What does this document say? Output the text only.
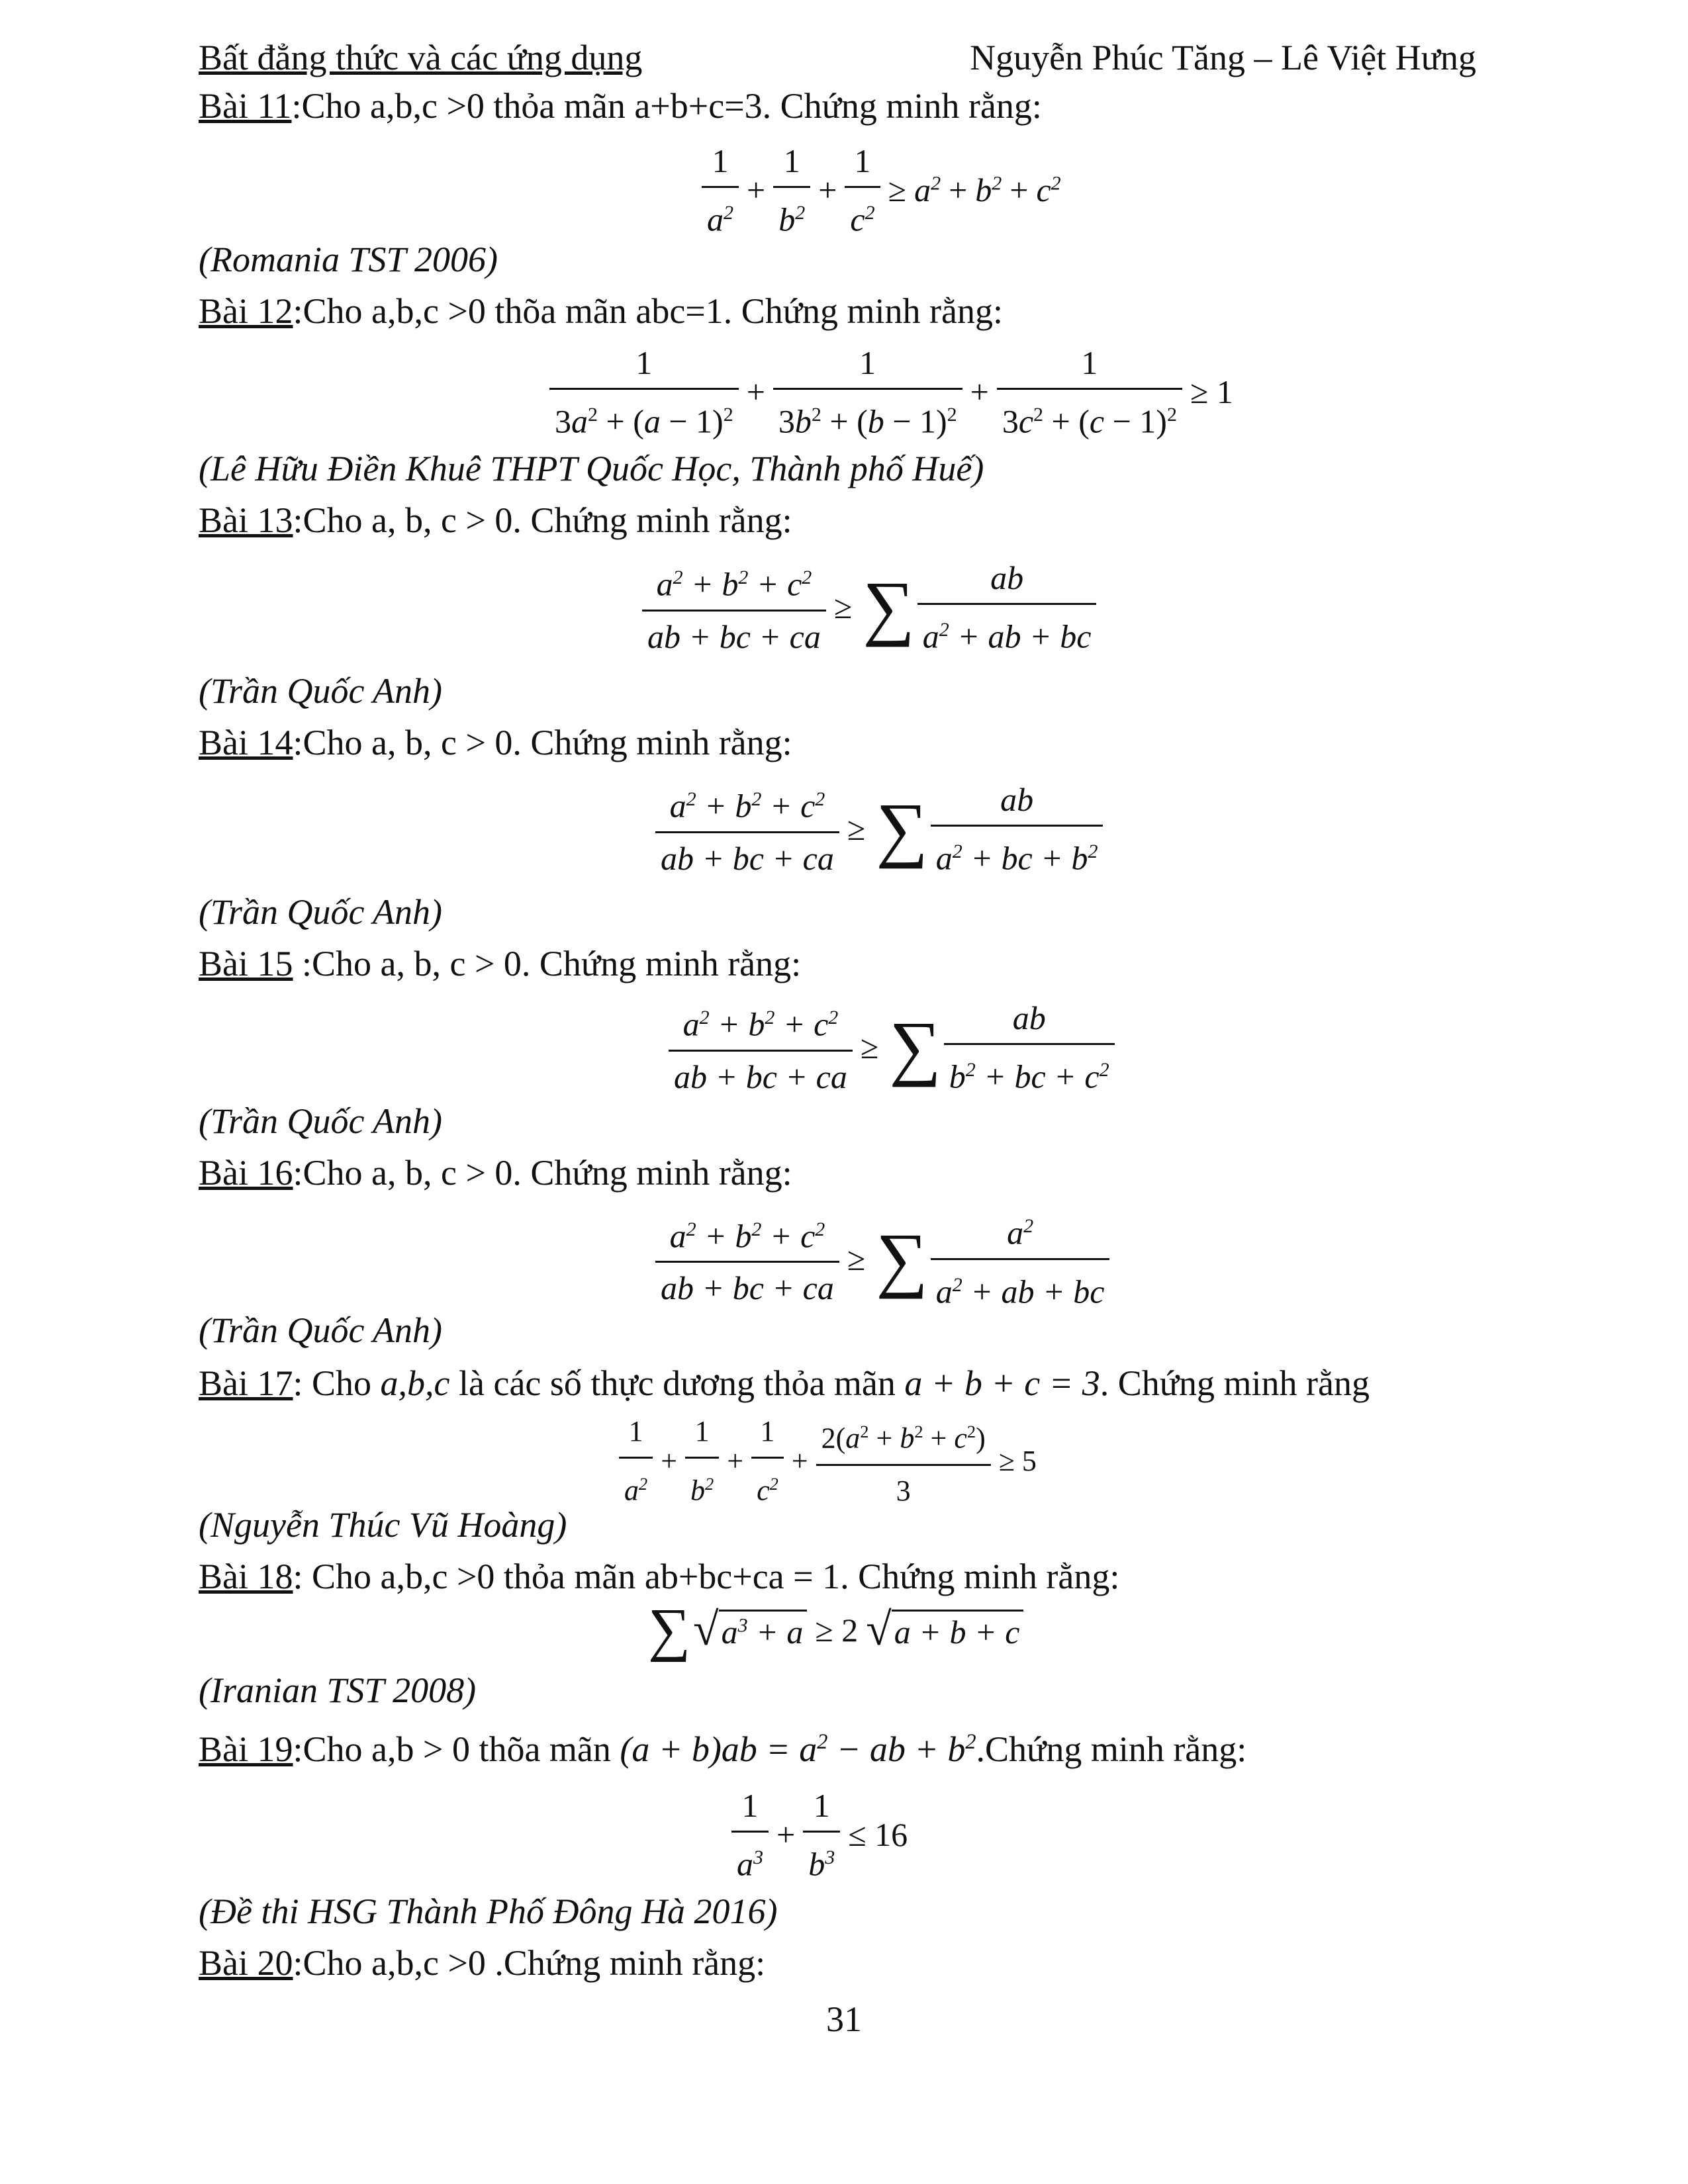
Bất đẳng thức và các ứng dụng	Nguyễn Phúc Tăng – Lê Việt Hưng
Bài 11:Cho a,b,c >0 thỏa mãn a+b+c=3. Chứng minh rằng:
$\frac{1}{a^2} + \frac{1}{b^2} + \frac{1}{c^2} \ge a^2 + b^2 + c^2$
(Romania TST 2006)
Bài 12:Cho a,b,c >0 thõa mãn abc=1. Chứng minh rằng:
$\frac{1}{3a^2 + (a - 1)^2} + \frac{1}{3b^2 + (b - 1)^2} + \frac{1}{3c^2 + (c - 1)^2} \ge 1$
(Lê Hữu Điền Khuê THPT Quốc Học, Thành phố Huế)
Bài 13:Cho a, b, c > 0. Chứng minh rằng:
$\frac{a^2 + b^2 + c^2}{ab + bc + ca}$ ≥ ∑ $\frac{ab}{a^2 + ab + bc}$
(Trần Quốc Anh)
Bài 14:Cho a, b, c > 0. Chứng minh rằng:
$\frac{a^2 + b^2 + c^2}{ab + bc + ca}$ ≥ ∑ $\frac{ab}{a^2 + bc + b^2}$
(Trần Quốc Anh)
Bài 15 :Cho a, b, c > 0. Chứng minh rằng:
$\frac{a^2 + b^2 + c^2}{ab + bc + ca}$ ≥ ∑ $\frac{ab}{b^2 + bc + c^2}$
(Trần Quốc Anh)
Bài 16:Cho a, b, c > 0. Chứng minh rằng:
$\frac{a^2 + b^2 + c^2}{ab + bc + ca}$ ≥ ∑ $\frac{a^2}{a^2 + ab + bc}$
(Trần Quốc Anh)
Bài 17: Cho a,b,c là các số thực dương thỏa mãn a + b + c = 3. Chứng minh rằng
$\frac{1}{a^2} + \frac{1}{b^2} + \frac{1}{c^2} + \frac{2(a^2 + b^2 + c^2)}{3} \ge 5$
(Nguyễn Thúc Vũ Hoàng)
Bài 18: Cho a,b,c >0 thỏa mãn ab+bc+ca = 1. Chứng minh rằng:
∑ √ $a^3 + a \ge 2$ √ a + b + c
(Iranian TST 2008)
Bài 19:Cho a,b > 0 thõa mãn $(a + b)ab = a^2$ − ab + $b^2.Chứng$ minh rằng:
$\frac{1}{a^3} + \frac{1}{b^3} \le 16$
(Đề thi HSG Thành Phố Đông Hà 2016)
Bài 20:Cho a,b,c >0 .Chứng minh rằng:
31
